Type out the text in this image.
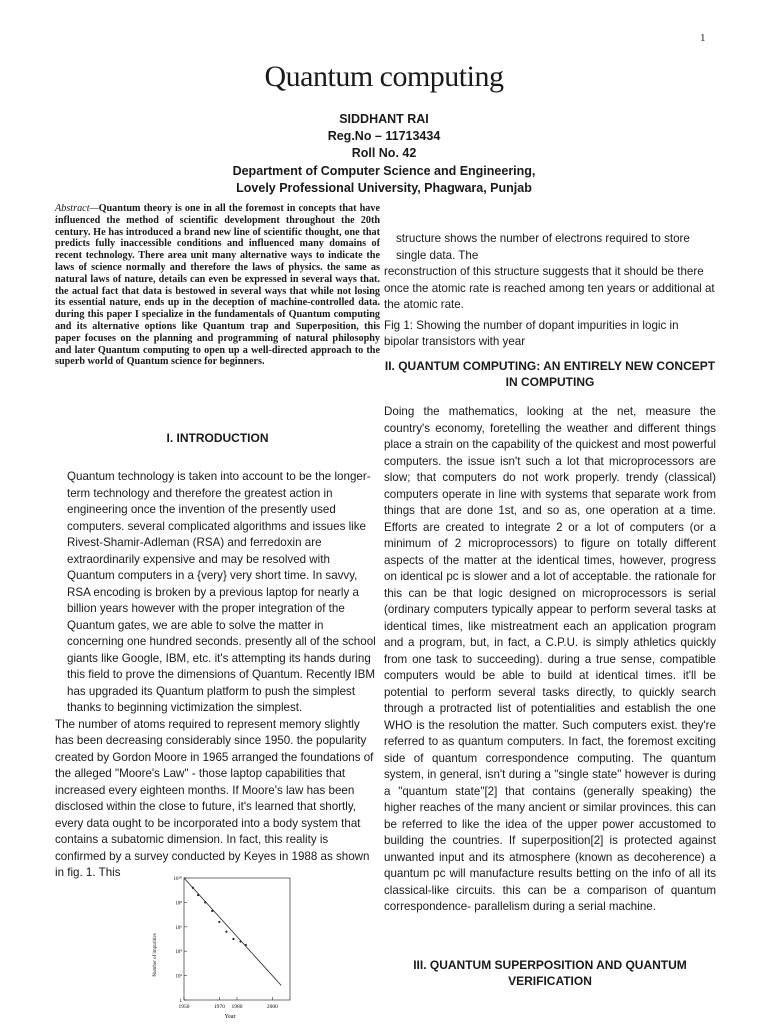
1
Quantum computing
SIDDHANT RAI
Reg.No – 11713434
Roll No. 42
Department of Computer Science and Engineering,
Lovely Professional University, Phagwara, Punjab
Abstract—Quantum theory is one in all the foremost in concepts that have influenced the method of scientific development throughout the 20th century. He has introduced a brand new line of scientific thought, one that predicts fully inaccessible conditions and influenced many domains of recent technology. There area unit many alternative ways to indicate the laws of science normally and therefore the laws of physics. the same as natural laws of nature, details can even be expressed in several ways that. the actual fact that data is bestowed in several ways that while not losing its essential nature, ends up in the deception of machine-controlled data. during this paper I specialize in the fundamentals of Quantum computing and its alternative options like Quantum trap and Superposition, this paper focuses on the planning and programming of natural philosophy and later Quantum computing to open up a well-directed approach to the superb world of Quantum science for beginners.
I. INTRODUCTION

Quantum technology is taken into account to be the longer-term technology and therefore the greatest action in engineering once the invention of the presently used computers. several complicated algorithms and issues like Rivest-Shamir-Adleman (RSA) and ferredoxin are extraordinarily expensive and may be resolved with Quantum computers in a {very} very short time. In savvy, RSA encoding is broken by a previous laptop for nearly a billion years however with the proper integration of the Quantum gates, we are able to solve the matter in concerning one hundred seconds. presently all of the school giants like Google, IBM, etc. it's attempting its hands during this field to prove the dimensions of Quantum. Recently IBM has upgraded its Quantum platform to push the simplest thanks to beginning victimization the simplest.

The number of atoms required to represent memory slightly has been decreasing considerably since 1950. the popularity created by Gordon Moore in 1965 arranged the foundations of the alleged "Moore's Law" - those laptop capabilities that increased every eighteen months. If Moore's law has been disclosed within the close to future, it's learned that shortly, every data ought to be incorporated into a body system that contains a subatomic dimension. In fact, this reality is confirmed by a survey conducted by Keyes in 1988 as shown in fig. 1. This

Number of impurities
Year
10¹⁰
10⁸
10⁶
10⁴
10²
1
1950	1970 1980	2000

structure shows the number of electrons required to store single data. The

reconstruction of this structure suggests that it should be there once the atomic rate is reached among ten years or additional at the atomic rate.

Fig 1: Showing the number of dopant impurities in logic in bipolar transistors with year

II. QUANTUM COMPUTING: AN ENTIRELY NEW CONCEPT IN COMPUTING

Doing the mathematics, looking at the net, measure the country's economy, foretelling the weather and different things place a strain on the capability of the quickest and most powerful computers. the issue isn't such a lot that microprocessors are slow; that computers do not work properly. trendy (classical) computers operate in line with systems that separate work from things that are done 1st, and so as, one operation at a time. Efforts are created to integrate 2 or a lot of computers (or a minimum of 2 microprocessors) to figure on totally different aspects of the matter at the identical times, however, progress on identical pc is slower and a lot of acceptable. the rationale for this can be that logic designed on microprocessors is serial (ordinary computers typically appear to perform several tasks at identical times, like mistreatment each an application program and a program, but, in fact, a C.P.U. is simply athletics quickly from one task to succeeding). during a true sense, compatible computers would be able to build at identical times. it'll be potential to perform several tasks directly, to quickly search through a protracted list of potentialities and establish the one WHO is the resolution the matter. Such computers exist. they're referred to as quantum computers. In fact, the foremost exciting side of quantum correspondence computing. The quantum system, in general, isn't during a "single state" however is during a "quantum state"[2] that contains (generally speaking) the higher reaches of the many ancient or similar provinces. this can be referred to like the idea of the upper power accustomed to building the countries. If superposition[2] is protected against unwanted input and its atmosphere (known as decoherence) a quantum pc will manufacture results betting on the info of all its classical-like circuits. this can be a comparison of quantum correspondence- parallelism during a serial machine.

III. QUANTUM SUPERPOSITION AND QUANTUM VERIFICATION
